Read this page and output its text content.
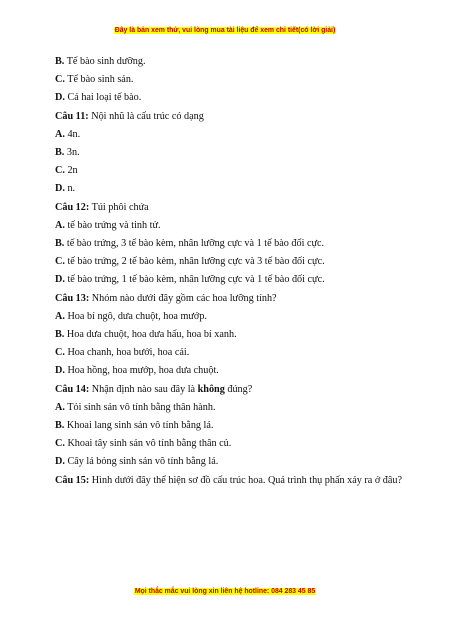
Đây là bản xem thử, vui lòng mua tài liệu để xem chi tiết(có lời giải)
B. Tế bào sinh dưỡng.
C. Tế bào sinh sản.
D. Cả hai loại tế bào.
Câu 11: Nội nhũ là cấu trúc có dạng
A. 4n.
B. 3n.
C. 2n
D. n.
Câu 12: Túi phôi chứa
A. tế bào trứng và tinh tử.
B. tế bào trứng, 3 tế bào kèm, nhân lưỡng cực và 1 tế bào đối cực.
C. tế bào trứng, 2 tế bào kèm, nhân lưỡng cực và 3 tế bào đối cực.
D. tế bào trứng, 1 tế bào kèm, nhân lưỡng cực và 1 tế bào đối cực.
Câu 13: Nhóm nào dưới đây gồm các hoa lưỡng tính?
A. Hoa bí ngô, dưa chuột, hoa mướp.
B. Hoa dưa chuột, hoa dưa hấu, hoa bí xanh.
C. Hoa chanh, hoa bưởi, hoa cải.
D. Hoa hồng, hoa mướp, hoa dưa chuột.
Câu 14: Nhận định nào sau đây là không đúng?
A. Tỏi sinh sản vô tính bằng thân hành.
B. Khoai lang sinh sản vô tính bằng lá.
C. Khoai tây sinh sản vô tính bằng thân củ.
D. Cây lá bỏng sinh sản vô tính bằng lá.
Câu 15: Hình dưới đây thể hiện sơ đồ cấu trúc hoa. Quá trình thụ phấn xảy ra ở đâu?
Mọi thắc mắc vui lòng xin liên hệ hotline: 084 283 45 85
